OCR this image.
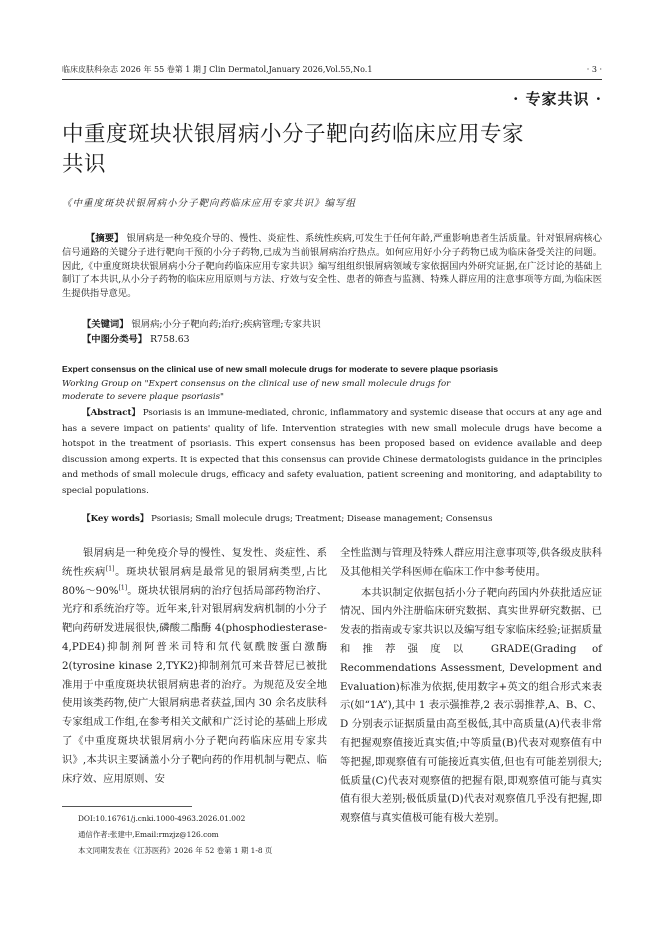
临床皮肤科杂志 2026 年 55 卷第 1 期 J Clin Dermatol,January 2026,Vol.55,No.1	· 3 ·
· 专家共识 ·
中重度斑块状银屑病小分子靶向药临床应用专家共识
《中重度斑块状银屑病小分子靶向药临床应用专家共识》编写组
【摘要】 银屑病是一种免疫介导的、慢性、炎症性、系统性疾病,可发生于任何年龄,严重影响患者生活质量。针对银屑病核心信号通路的关键分子进行靶向干预的小分子药物,已成为当前银屑病治疗热点。如何应用好小分子药物已成为临床备受关注的问题。因此,《中重度斑块状银屑病小分子靶向药临床应用专家共识》编写组组织银屑病领域专家依据国内外研究证据,在广泛讨论的基础上制订了本共识,从小分子药物的临床应用原则与方法、疗效与安全性、患者的筛查与监测、特殊人群应用的注意事项等方面,为临床医生提供指导意见。
【关键词】 银屑病;小分子靶向药;治疗;疾病管理;专家共识
【中图分类号】 R758.63
Expert consensus on the clinical use of new small molecule drugs for moderate to severe plaque psoriasis
Working Group on "Expert consensus on the clinical use of new small molecule drugs for moderate to severe plaque psoriasis"
【Abstract】 Psoriasis is an immune-mediated, chronic, inflammatory and systemic disease that occurs at any age and has a severe impact on patients' quality of life. Intervention strategies with new small molecule drugs have become a hotspot in the treatment of psoriasis. This expert consensus has been proposed based on evidence available and deep discussion among experts. It is expected that this consensus can provide Chinese dermatologists guidance in the principles and methods of small molecule drugs, efficacy and safety evaluation, patient screening and monitoring, and adaptability to special populations.
【Key words】 Psoriasis; Small molecule drugs; Treatment; Disease management; Consensus
银屑病是一种免疫介导的慢性、复发性、炎症性、系统性疾病[1]。斑块状银屑病是最常见的银屑病类型,占比 80%～90%[1]。斑块状银屑病的治疗包括局部药物治疗、光疗和系统治疗等。近年来,针对银屑病发病机制的小分子靶向药研发进展很快,磷酸二酯酶 4(phosphodiesterase-4,PDE4)抑制剂阿普米司特和氘代氨酰胺蛋白激酶 2(tyrosine kinase 2,TYK2)抑制剂氘可来昔替尼已被批准用于中重度斑块状银屑病患者的治疗。为规范及安全地使用该类药物,使广大银屑病患者获益,国内 30 余名皮肤科专家组成工作组,在参考相关文献和广泛讨论的基础上形成了《中重度斑块状银屑病小分子靶向药临床应用专家共识》,本共识主要涵盖小分子靶向药的作用机制与靶点、临床疗效、应用原则、安

全性监测与管理及特殊人群应用注意事项等,供各级皮肤科及其他相关学科医师在临床工作中参考使用。

本共识制定依据包括小分子靶向药国内外获批适应证情况、国内外注册临床研究数据、真实世界研究数据、已发表的指南或专家共识以及编写组专家临床经验;证据质量和推荐强度以 GRADE(Grading of Recommendations Assessment, Development and Evaluation)标准为依据,使用数字+英文的组合形式来表示(如“1A”),其中 1 表示强推荐,2 表示弱推荐,A、B、C、D 分别表示证据质量由高至极低,其中高质量(A)代表非常有把握观察值接近真实值;中等质量(B)代表对观察值有中等把握,即观察值有可能接近真实值,但也有可能差别很大;低质量(C)代表对观察值的把握有限,即观察值可能与真实值有很大差别;极低质量(D)代表对观察值几乎没有把握,即观察值与真实值极可能有极大差别。

DOI:10.16761/j.cnki.1000-4963.2026.01.002
通信作者:张建中,Email:rmzjz@126.com
本文同期发表在《江苏医药》2026 年 52 卷第 1 期 1-8 页
